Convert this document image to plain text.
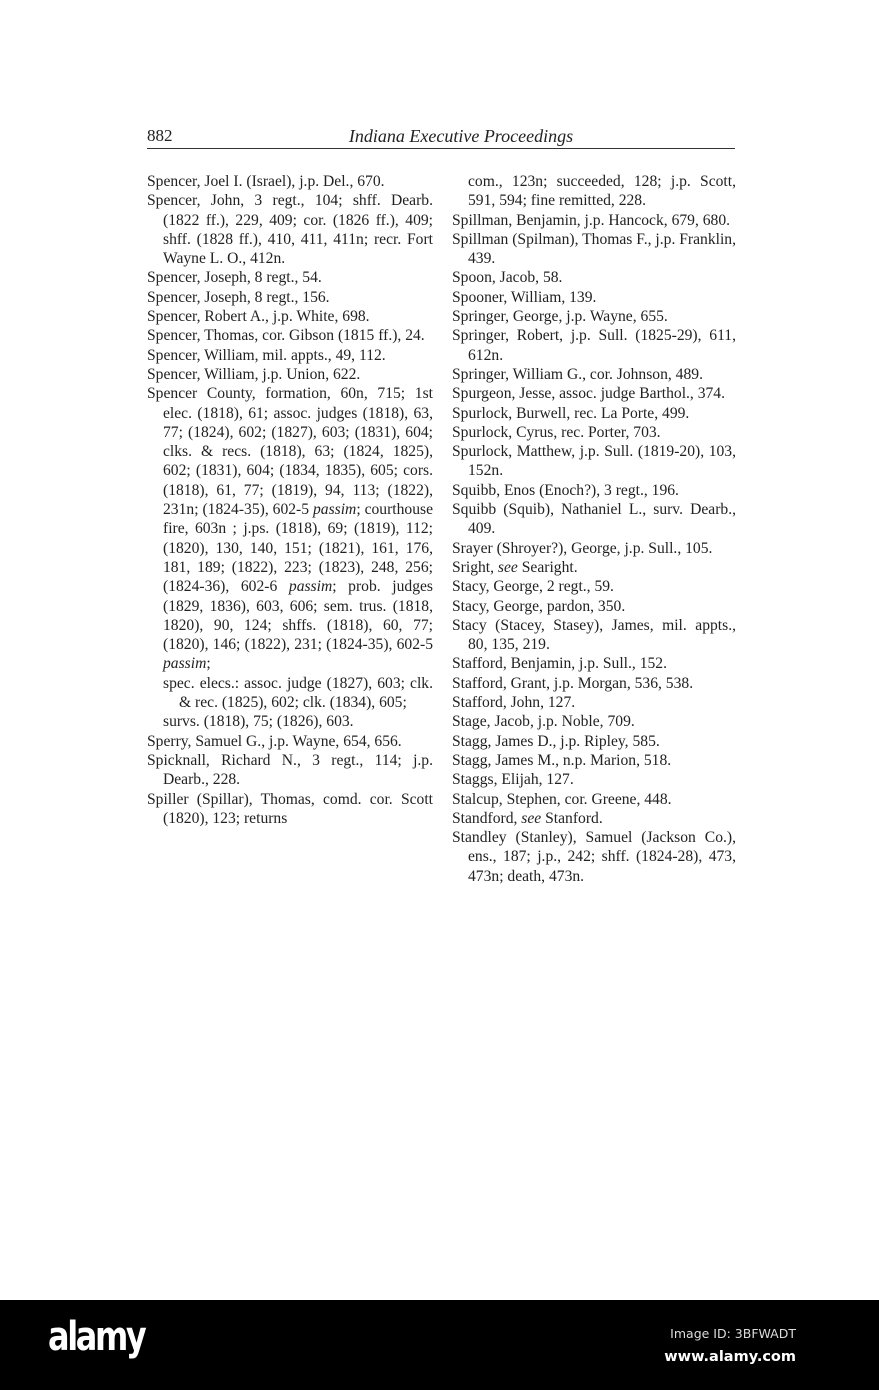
882	Indiana Executive Proceedings

Spencer, Joel I. (Israel), j.p. Del., 670.

Spencer, John, 3 regt., 104; shff. Dearb. (1822 ff.), 229, 409; cor. (1826 ff.), 409; shff. (1828 ff.), 410, 411, 411n; recr. Fort Wayne L. O., 412n.

Spencer, Joseph, 8 regt., 54.

Spencer, Joseph, 8 regt., 156.

Spencer, Robert A., j.p. White, 698.

Spencer, Thomas, cor. Gibson (1815 ff.), 24.

Spencer, William, mil. appts., 49, 112.

Spencer, William, j.p. Union, 622.

Spencer County, formation, 60n, 715; 1st elec. (1818), 61; assoc. judges (1818), 63, 77; (1824), 602; (1827), 603; (1831), 604; clks. & recs. (1818), 63; (1824, 1825), 602; (1831), 604; (1834, 1835), 605; cors. (1818), 61, 77; (1819), 94, 113; (1822), 231n; (1824-35), 602-5 passim; courthouse fire, 603n ; j.ps. (1818), 69; (1819), 112; (1820), 130, 140, 151; (1821), 161, 176, 181, 189; (1822), 223; (1823), 248, 256; (1824-36), 602-6 passim; prob. judges (1829, 1836), 603, 606; sem. trus. (1818, 1820), 90, 124; shffs. (1818), 60, 77; (1820), 146; (1822), 231; (1824-35), 602-5 passim;

spec. elecs.: assoc. judge (1827), 603; clk. & rec. (1825), 602; clk. (1834), 605;

survs. (1818), 75; (1826), 603.

Sperry, Samuel G., j.p. Wayne, 654, 656.

Spicknall, Richard N., 3 regt., 114; j.p. Dearb., 228.

Spiller (Spillar), Thomas, comd. cor. Scott (1820), 123; returns

com., 123n; succeeded, 128; j.p. Scott, 591, 594; fine remitted, 228.

Spillman, Benjamin, j.p. Hancock, 679, 680.

Spillman (Spilman), Thomas F., j.p. Franklin, 439.

Spoon, Jacob, 58.

Spooner, William, 139.

Springer, George, j.p. Wayne, 655.

Springer, Robert, j.p. Sull. (1825-29), 611, 612n.

Springer, William G., cor. Johnson, 489.

Spurgeon, Jesse, assoc. judge Barthol., 374.

Spurlock, Burwell, rec. La Porte, 499.

Spurlock, Cyrus, rec. Porter, 703.

Spurlock, Matthew, j.p. Sull. (1819-20), 103, 152n.

Squibb, Enos (Enoch?), 3 regt., 196.

Squibb (Squib), Nathaniel L., surv. Dearb., 409.

Srayer (Shroyer?), George, j.p. Sull., 105.

Sright, see Searight.

Stacy, George, 2 regt., 59.

Stacy, George, pardon, 350.

Stacy (Stacey, Stasey), James, mil. appts., 80, 135, 219.

Stafford, Benjamin, j.p. Sull., 152.

Stafford, Grant, j.p. Morgan, 536, 538.

Stafford, John, 127.

Stage, Jacob, j.p. Noble, 709.

Stagg, James D., j.p. Ripley, 585.

Stagg, James M., n.p. Marion, 518.

Staggs, Elijah, 127.

Stalcup, Stephen, cor. Greene, 448.

Standford, see Stanford.

Standley (Stanley), Samuel (Jackson Co.), ens., 187; j.p., 242; shff. (1824-28), 473, 473n; death, 473n.

alamy	Image ID: 3BFWADT
www.alamy.com
